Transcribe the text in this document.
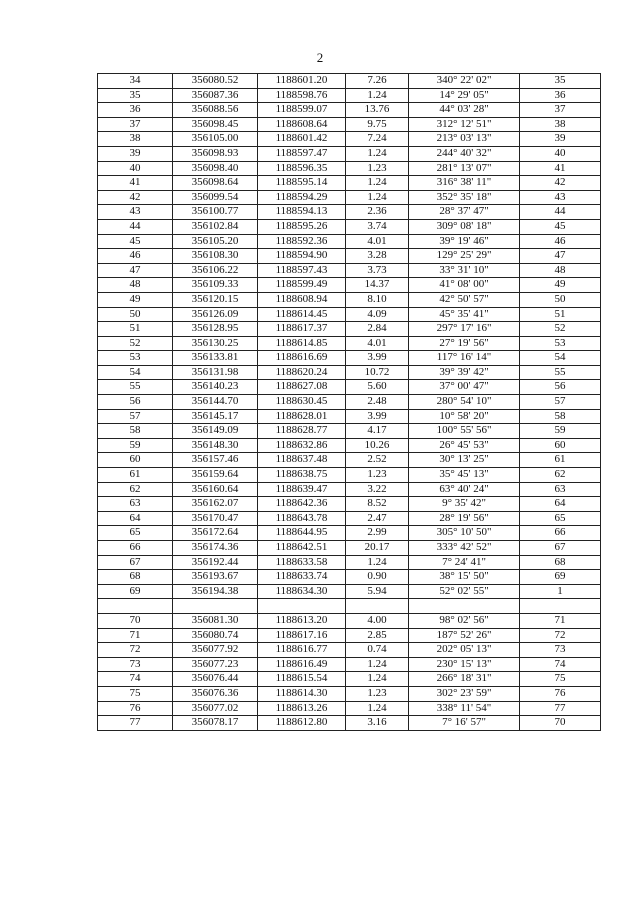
2
34	356080.52	1188601.20	7.26	340° 22' 02"	35
35	356087.36	1188598.76	1.24	14° 29' 05"	36
36	356088.56	1188599.07	13.76	44° 03' 28"	37
37	356098.45	1188608.64	9.75	312° 12' 51"	38
38	356105.00	1188601.42	7.24	213° 03' 13"	39
39	356098.93	1188597.47	1.24	244° 40' 32"	40
40	356098.40	1188596.35	1.23	281° 13' 07"	41
41	356098.64	1188595.14	1.24	316° 38' 11"	42
42	356099.54	1188594.29	1.24	352° 35' 18"	43
43	356100.77	1188594.13	2.36	28° 37' 47"	44
44	356102.84	1188595.26	3.74	309° 08' 18"	45
45	356105.20	1188592.36	4.01	39° 19' 46"	46
46	356108.30	1188594.90	3.28	129° 25' 29"	47
47	356106.22	1188597.43	3.73	33° 31' 10"	48
48	356109.33	1188599.49	14.37	41° 08' 00"	49
49	356120.15	1188608.94	8.10	42° 50' 57"	50
50	356126.09	1188614.45	4.09	45° 35' 41"	51
51	356128.95	1188617.37	2.84	297° 17' 16"	52
52	356130.25	1188614.85	4.01	27° 19' 56"	53
53	356133.81	1188616.69	3.99	117° 16' 14"	54
54	356131.98	1188620.24	10.72	39° 39' 42"	55
55	356140.23	1188627.08	5.60	37° 00' 47"	56
56	356144.70	1188630.45	2.48	280° 54' 10"	57
57	356145.17	1188628.01	3.99	10° 58' 20"	58
58	356149.09	1188628.77	4.17	100° 55' 56"	59
59	356148.30	1188632.86	10.26	26° 45' 53"	60
60	356157.46	1188637.48	2.52	30° 13' 25"	61
61	356159.64	1188638.75	1.23	35° 45' 13"	62
62	356160.64	1188639.47	3.22	63° 40' 24"	63
63	356162.07	1188642.36	8.52	9° 35' 42"	64
64	356170.47	1188643.78	2.47	28° 19' 56"	65
65	356172.64	1188644.95	2.99	305° 10' 50"	66
66	356174.36	1188642.51	20.17	333° 42' 52"	67
67	356192.44	1188633.58	1.24	7° 24' 41"	68
68	356193.67	1188633.74	0.90	38° 15' 50"	69
69	356194.38	1188634.30	5.94	52° 02' 55"	1

70	356081.30	1188613.20	4.00	98° 02' 56"	71
71	356080.74	1188617.16	2.85	187° 52' 26"	72
72	356077.92	1188616.77	0.74	202° 05' 13"	73
73	356077.23	1188616.49	1.24	230° 15' 13"	74
74	356076.44	1188615.54	1.24	266° 18' 31"	75
75	356076.36	1188614.30	1.23	302° 23' 59"	76
76	356077.02	1188613.26	1.24	338° 11' 54"	77
77	356078.17	1188612.80	3.16	7° 16' 57"	70
